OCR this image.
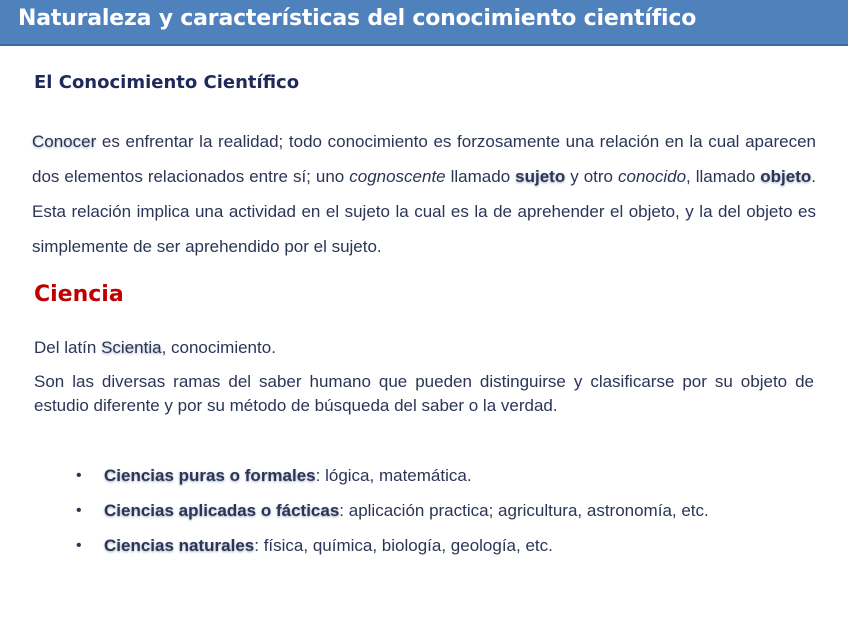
Naturaleza y características del conocimiento científico
El Conocimiento Científico

Conocer es enfrentar la realidad; todo conocimiento es forzosamente una relación en la cual aparecen dos elementos relacionados entre sí; uno cognoscente llamado sujeto y otro conocido, llamado objeto. Esta relación implica una actividad en el sujeto la cual es la de aprehender el objeto, y la del objeto es simplemente de ser aprehendido por el sujeto.

Ciencia

Del latín Scientia, conocimiento.

Son las diversas ramas del saber humano que pueden distinguirse y clasificarse por su objeto de estudio diferente y por su método de búsqueda del saber o la verdad.

• Ciencias puras o formales: lógica, matemática.
• Ciencias aplicadas o fácticas: aplicación practica; agricultura, astronomía, etc.
• Ciencias naturales: física, química, biología, geología, etc.
